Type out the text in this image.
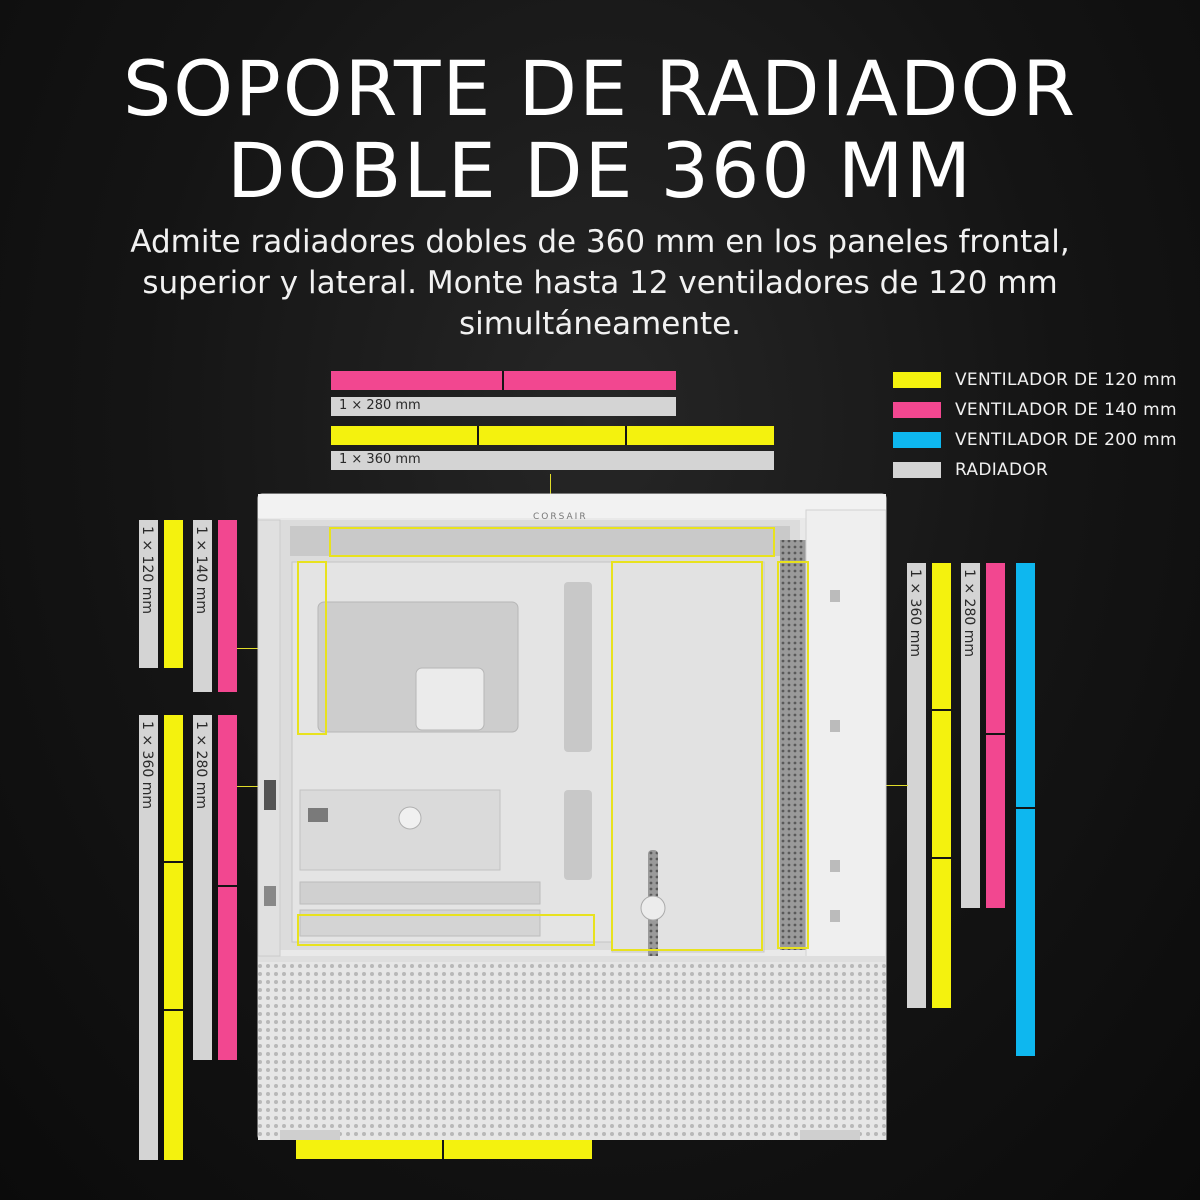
SOPORTE DE RADIADOR
DOBLE DE 360 MM

Admite radiadores dobles de 360 mm en los paneles frontal, superior y lateral. Monte hasta 12 ventiladores de 120 mm simultáneamente.

VENTILADOR DE 120 mm
VENTILADOR DE 140 mm
VENTILADOR DE 200 mm
RADIADOR
1 × 280 mm
1 × 360 mm
1 × 120 mm	1 × 140 mm
1 × 360 mm	1 × 280 mm
1 × 360 mm	1 × 280 mm
CORSAIR
